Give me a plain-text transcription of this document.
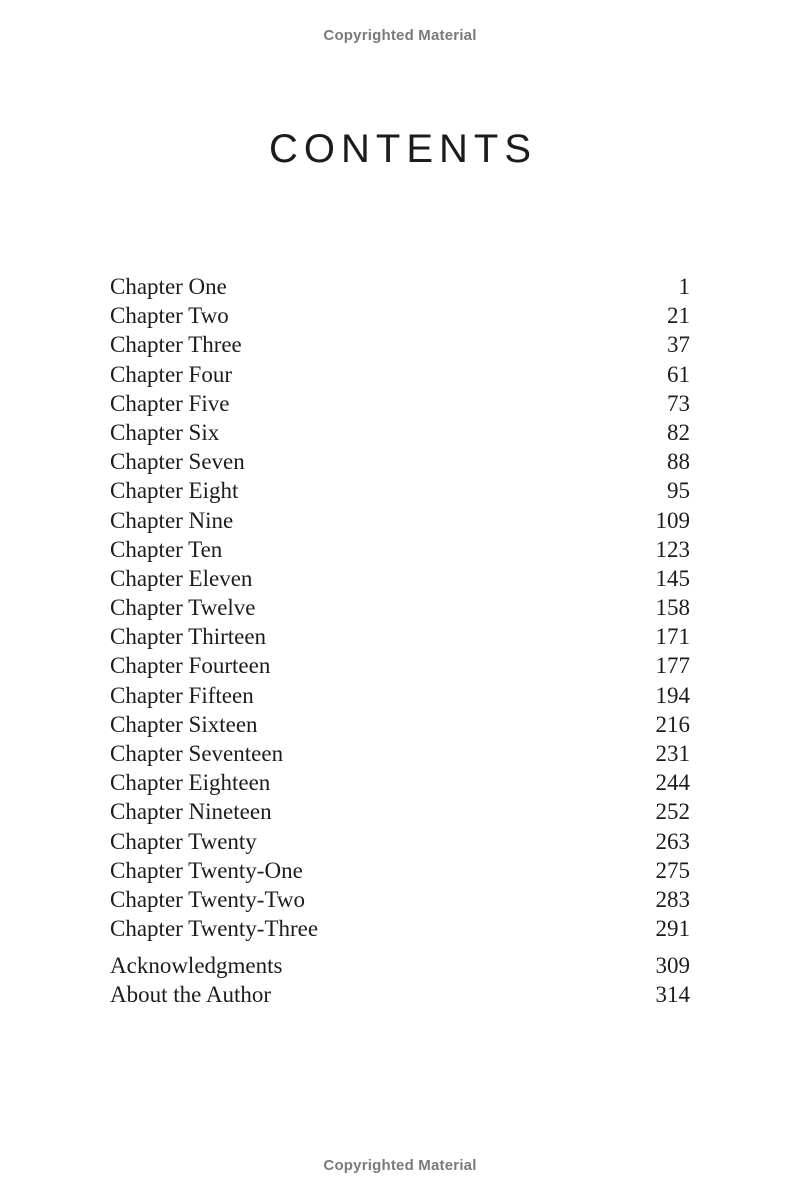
Copyrighted Material
CONTENTS
Chapter One	1
Chapter Two	21
Chapter Three	37
Chapter Four	61
Chapter Five	73
Chapter Six	82
Chapter Seven	88
Chapter Eight	95
Chapter Nine	109
Chapter Ten	123
Chapter Eleven	145
Chapter Twelve	158
Chapter Thirteen	171
Chapter Fourteen	177
Chapter Fifteen	194
Chapter Sixteen	216
Chapter Seventeen	231
Chapter Eighteen	244
Chapter Nineteen	252
Chapter Twenty	263
Chapter Twenty-One	275
Chapter Twenty-Two	283
Chapter Twenty-Three	291
Acknowledgments	309
About the Author	314
Copyrighted Material
